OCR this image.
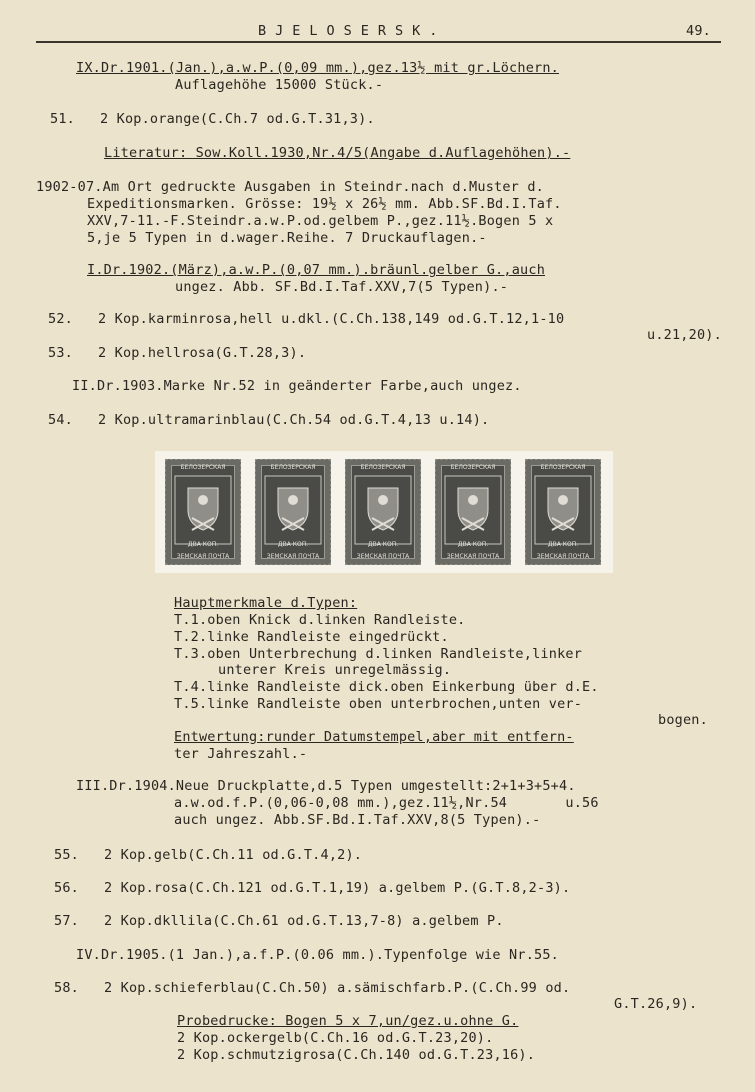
BJELOSERSK.	49.
IX.Dr.1901.(Jan.),a.w.P.(0,09 mm.),gez.13½ mit gr.Löchern.
Auflagehöhe 15000 Stück.-
51.   2 Kop.orange(C.Ch.7 od.G.T.31,3).
Literatur: Sow.Koll.1930,Nr.4/5(Angabe d.Auflagehöhen).-
1902-07.Am Ort gedruckte Ausgaben in Steindr.nach d.Muster d.
Expeditionsmarken. Grösse: 19½ x 26½ mm. Abb.SF.Bd.I.Taf.
XXV,7-11.-F.Steindr.a.w.P.od.gelbem P.,gez.11½.Bogen 5 x
5,je 5 Typen in d.wager.Reihe. 7 Druckauflagen.-
I.Dr.1902.(März),a.w.P.(0,07 mm.).bräunl.gelber G.,auch
ungez. Abb. SF.Bd.I.Taf.XXV,7(5 Typen).-
52.   2 Kop.karminrosa,hell u.dkl.(C.Ch.138,149 od.G.T.12,1-10
u.21,20).
53.   2 Kop.hellrosa(G.T.28,3).
II.Dr.1903.Marke Nr.52 in geänderter Farbe,auch ungez.
54.   2 Kop.ultramarinblau(C.Ch.54 od.G.T.4,13 u.14).
БЕЛОЗЕРСКАЯ
ДВА КОП.
ЗЕМСКАЯ ПОЧТА
БЕЛОЗЕРСКАЯ
ДВА КОП.
ЗЕМСКАЯ ПОЧТА
БЕЛОЗЕРСКАЯ
ДВА КОП.
ЗЕМСКАЯ ПОЧТА
БЕЛОЗЕРСКАЯ
ДВА КОП.
ЗЕМСКАЯ ПОЧТА
БЕЛОЗЕРСКАЯ
ДВА КОП.
ЗЕМСКАЯ ПОЧТА
Hauptmerkmale d.Typen:
T.1.oben Knick d.linken Randleiste.
T.2.linke Randleiste eingedrückt.
T.3.oben Unterbrechung d.linken Randleiste,linker
unterer Kreis unregelmässig.
T.4.linke Randleiste dick.oben Einkerbung über d.E.
T.5.linke Randleiste oben unterbrochen,unten ver-
bogen.
Entwertung:runder Datumstempel,aber mit entfern-
ter Jahreszahl.-
III.Dr.1904.Neue Druckplatte,d.5 Typen umgestellt:2+1+3+5+4.
a.w.od.f.P.(0,06-0,08 mm.),gez.11½,Nr.54       u.56
auch ungez. Abb.SF.Bd.I.Taf.XXV,8(5 Typen).-
55.   2 Kop.gelb(C.Ch.11 od.G.T.4,2).
56.   2 Kop.rosa(C.Ch.121 od.G.T.1,19) a.gelbem P.(G.T.8,2-3).
57.   2 Kop.dkllila(C.Ch.61 od.G.T.13,7-8) a.gelbem P.
IV.Dr.1905.(1 Jan.),a.f.P.(0.06 mm.).Typenfolge wie Nr.55.
58.   2 Kop.schieferblau(C.Ch.50) a.sämischfarb.P.(C.Ch.99 od.
G.T.26,9).
Probedrucke: Bogen 5 x 7,un/gez.u.ohne G.
2 Kop.ockergelb(C.Ch.16 od.G.T.23,20).
2 Kop.schmutzigrosa(C.Ch.140 od.G.T.23,16).
